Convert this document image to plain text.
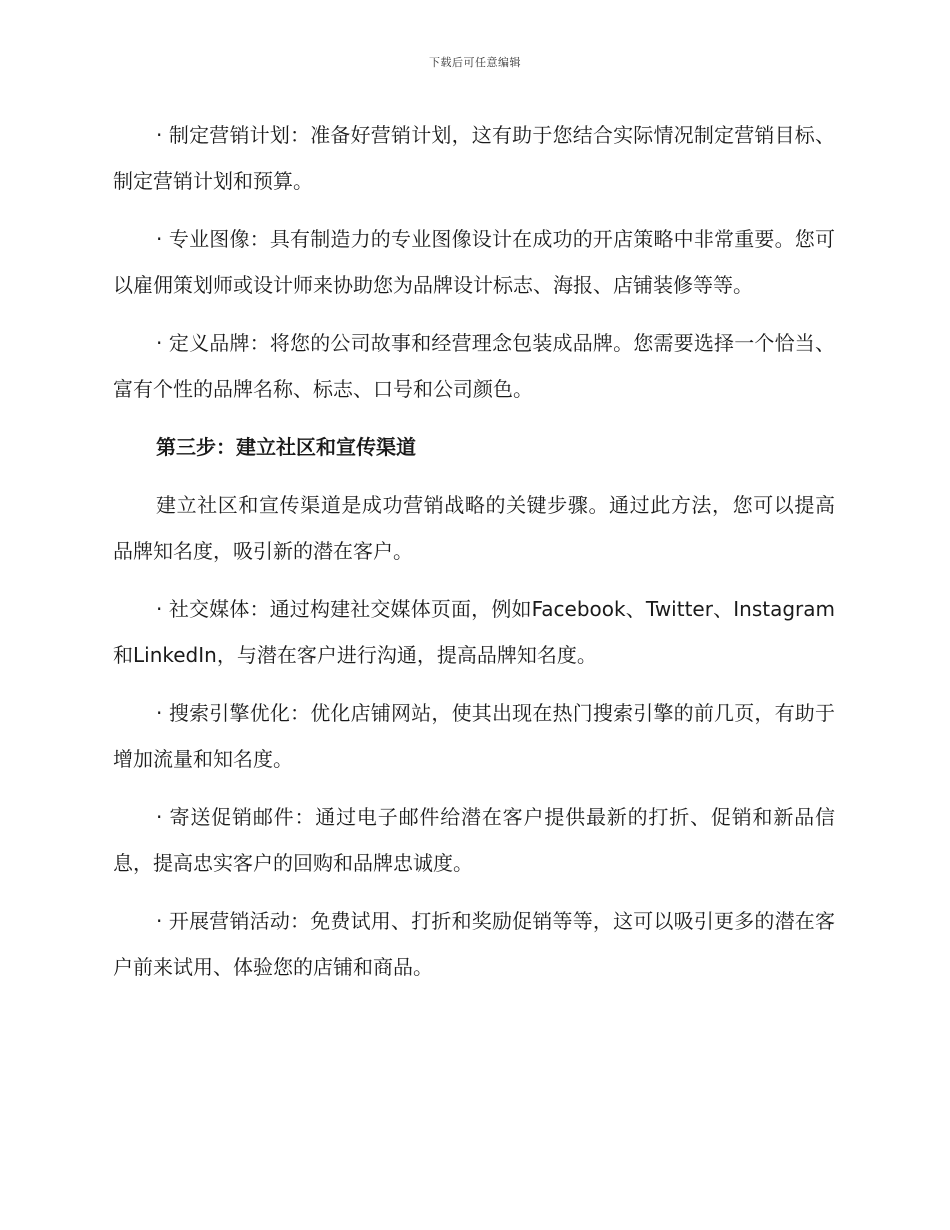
下载后可任意编辑

· 制定营销计划：准备好营销计划，这有助于您结合实际情况制定营销目标、制定营销计划和预算。

· 专业图像：具有制造力的专业图像设计在成功的开店策略中非常重要。您可以雇佣策划师或设计师来协助您为品牌设计标志、海报、店铺装修等等。

· 定义品牌：将您的公司故事和经营理念包装成品牌。您需要选择一个恰当、富有个性的品牌名称、标志、口号和公司颜色。

第三步：建立社区和宣传渠道

建立社区和宣传渠道是成功营销战略的关键步骤。通过此方法，您可以提高品牌知名度，吸引新的潜在客户。

· 社交媒体：通过构建社交媒体页面，例如Facebook、Twitter、Instagram和LinkedIn，与潜在客户进行沟通，提高品牌知名度。

· 搜索引擎优化：优化店铺网站，使其出现在热门搜索引擎的前几页，有助于增加流量和知名度。

· 寄送促销邮件：通过电子邮件给潜在客户提供最新的打折、促销和新品信息，提高忠实客户的回购和品牌忠诚度。

· 开展营销活动：免费试用、打折和奖励促销等等，这可以吸引更多的潜在客户前来试用、体验您的店铺和商品。
